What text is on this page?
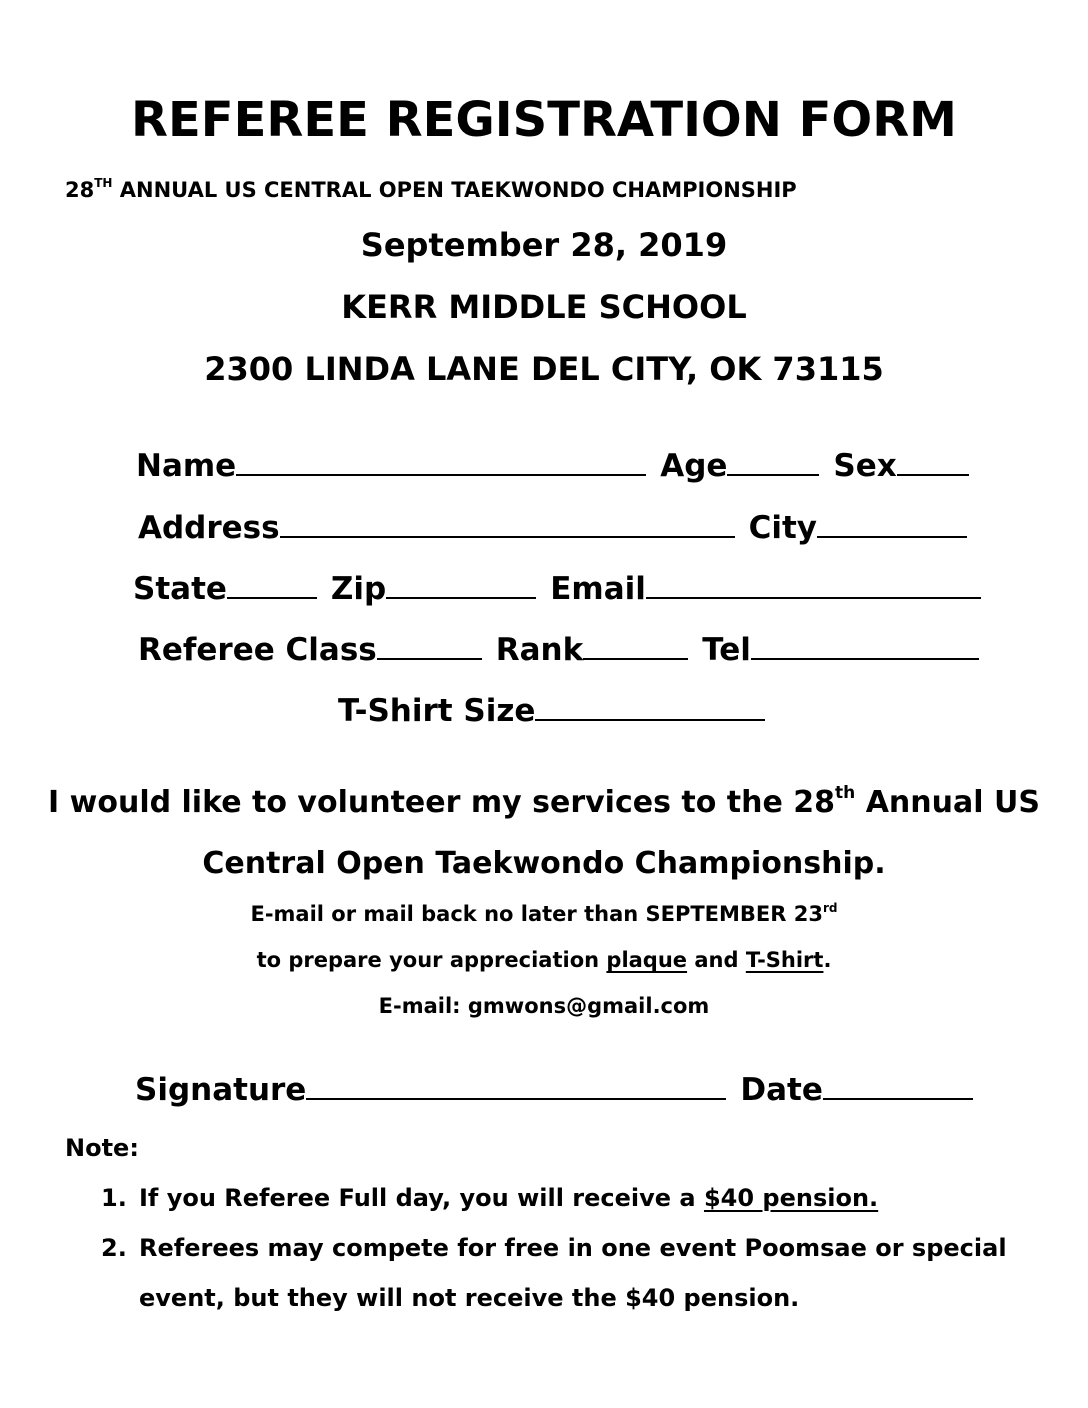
REFEREE REGISTRATION FORM
28TH ANNUAL US CENTRAL OPEN TAEKWONDO CHAMPIONSHIP
September 28, 2019
KERR MIDDLE SCHOOL
2300 LINDA LANE DEL CITY, OK 73115
Name	Age	Sex
Address	City
State	Zip	Email
Referee Class	Rank	Tel
T-Shirt Size
I would like to volunteer my services to the 28th Annual US
Central Open Taekwondo Championship.
E-mail or mail back no later than SEPTEMBER 23rd
to prepare your appreciation plaque and T-Shirt.
E-mail: gmwons@gmail.com
Signature	Date
Note:
1. If you Referee Full day, you will receive a $40 pension.
2. Referees may compete for free in one event Poomsae or special
event, but they will not receive the $40 pension.
